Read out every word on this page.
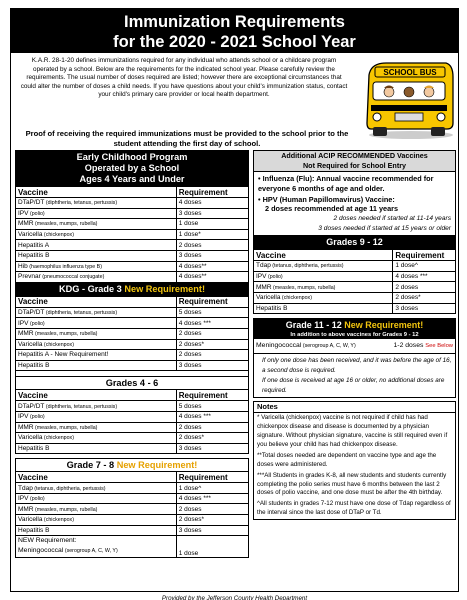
Immunization Requirements
for the 2020 - 2021 School Year
K.A.R. 28-1-20 defines immunizations required for any individual who attends school or a childcare program operated by a school. Below are the requirements for the indicated school year. Please carefully review the requirements. The usual number of doses required are listed; however there are exceptional circumstances that could alter the number of doses a child needs. If you have questions about your child's immunization status, contact your child's primary care provider or local health department.
Proof of receiving the required immunizations must be provided to the school prior to the student attending the first day of school.
SCHOOL BUS
Early Childhood Program
Operated by a School
Ages 4 Years and Under
Vaccine	Requirement
DTaP/DT (diphtheria, tetanus, pertussis)	4 doses
IPV (polio)	3 doses
MMR (measles, mumps, rubella)	1 dose
Varicella (chickenpox)	1 dose*
Hepatitis A	2 doses
Hepatitis B	3 doses
Hib (haemophilus influenza type B)	4 doses**
Prevnar (pneumococcal conjugate)	4 doses**
KDG - Grade 3 New Requirement!
Vaccine	Requirement
DTaP/DT (diphtheria, tetanus, pertussis)	5 doses
IPV (polio)	4 doses ***
MMR (measles, mumps, rubella)	2 doses
Varicella (chickenpox)	2 doses*
Hepatitis A - New Requirement!	2 doses
Hepatitis B	3 doses
Grades 4 - 6
Vaccine	Requirement
DTaP/DT (diphtheria, tetanus, pertussis)	5 doses
IPV (polio)	4 doses ***
MMR (measles, mumps, rubella)	2 doses
Varicella (chickenpox)	2 doses*
Hepatitis B	3 doses
Grade 7 - 8 New Requirement!
Vaccine	Requirement
Tdap (tetanus, diphtheria, pertussis)	1 dose^
IPV (polio)	4 doses ***
MMR (measles, mumps, rubella)	2 doses
Varicella (chickenpox)	2 doses*
Hepatitis B	3 doses

NEW Requirement:
Meningococcal (serogroup A, C, W, Y)	1 dose
Additional ACIP RECOMMENDED Vaccines
Not Required for School Entry
• Influenza (Flu): Annual vaccine recommended for everyone 6 months of age and older.
• HPV (Human Papillomavirus) Vaccine:
2 doses recommended at age 11 years
2 doses needed if started at 11-14 years
3 doses needed if started at 15 years or older
Grades 9 - 12
Vaccine	Requirement
Tdap (tetanus, diphtheria, pertussis)	1 dose^
IPV (polio)	4 doses ***
MMR (measles, mumps, rubella)	2 doses
Varicella (chickenpox)	2 doses*
Hepatitis B	3 doses
Grade 11 - 12 New Requirement!
In addition to above vaccines for Grades 9 - 12
Meningococcal (serogroup A, C, W, Y)	1-2 doses See Below
If only one dose has been received, and it was before the age of 16, a second dose is required.
If one dose is received at age 16 or older, no additional doses are required.
Notes
* Varicella (chickenpox) vaccine is not required if child has had chickenpox disease and disease is documented by a physician signature. Without physician signature, vaccine is still required even if you believe your child has had chickenpox disease.
**Total doses needed are dependent on vaccine type and age the doses were administered.
***All Students in grades K-8, all new students and students currently completing the polio series must have 6 months between the last 2 doses of polio vaccine, and one dose must be after the 4th birthday.
^All students in grades 7-12 must have one dose of Tdap regardless of the interval since the last dose of DTaP or Td.
Provided by the Jefferson County Health Department
